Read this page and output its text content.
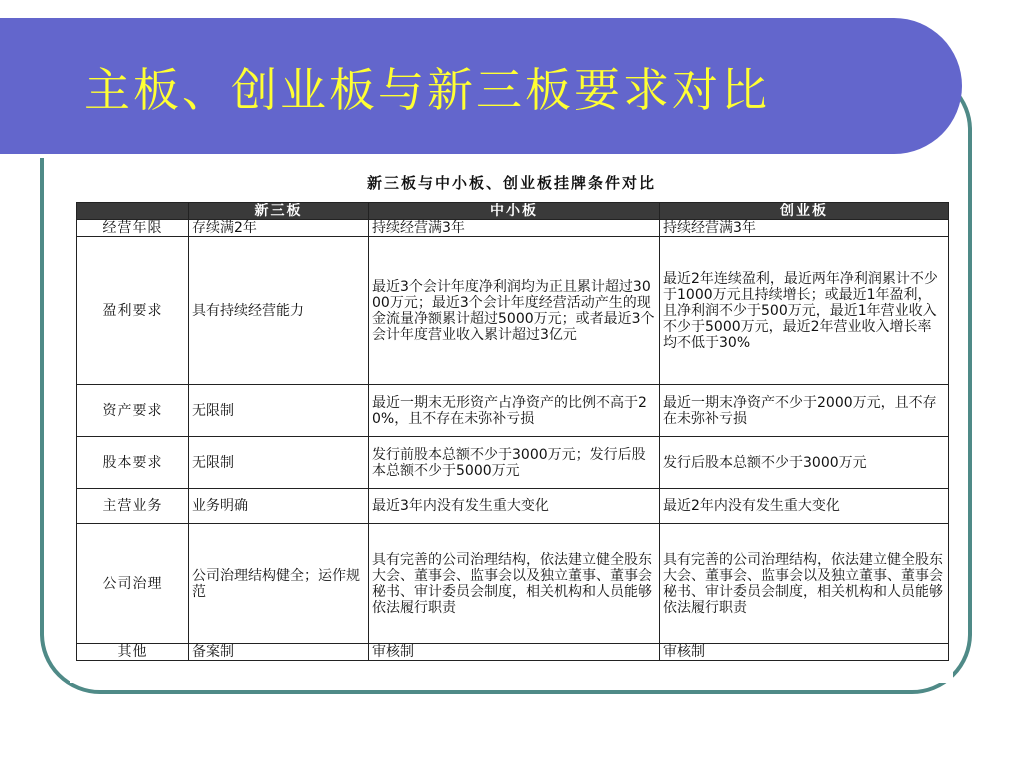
主板、创业板与新三板要求对比
新三板与中小板、创业板挂牌条件对比
	新三板	中小板	创业板
经营年限	存续满2年	持续经营满3年	持续经营满3年
盈利要求	具有持续经营能力	最近3个会计年度净利润均为正且累计超过3000万元；最近3个会计年度经营活动产生的现金流量净额累计超过5000万元；或者最近3个会计年度营业收入累计超过3亿元	最近2年连续盈利，最近两年净利润累计不少于1000万元且持续增长；或最近1年盈利，且净利润不少于500万元，最近1年营业收入不少于5000万元，最近2年营业收入增长率均不低于30%
资产要求	无限制	最近一期末无形资产占净资产的比例不高于20%，且不存在未弥补亏损	最近一期末净资产不少于2000万元，且不存在未弥补亏损
股本要求	无限制	发行前股本总额不少于3000万元；发行后股本总额不少于5000万元	发行后股本总额不少于3000万元
主营业务	业务明确	最近3年内没有发生重大变化	最近2年内没有发生重大变化
公司治理	公司治理结构健全；运作规范	具有完善的公司治理结构，依法建立健全股东大会、董事会、监事会以及独立董事、董事会秘书、审计委员会制度，相关机构和人员能够依法履行职责	具有完善的公司治理结构，依法建立健全股东大会、董事会、监事会以及独立董事、董事会秘书、审计委员会制度，相关机构和人员能够依法履行职责
其他	备案制	审核制	审核制
